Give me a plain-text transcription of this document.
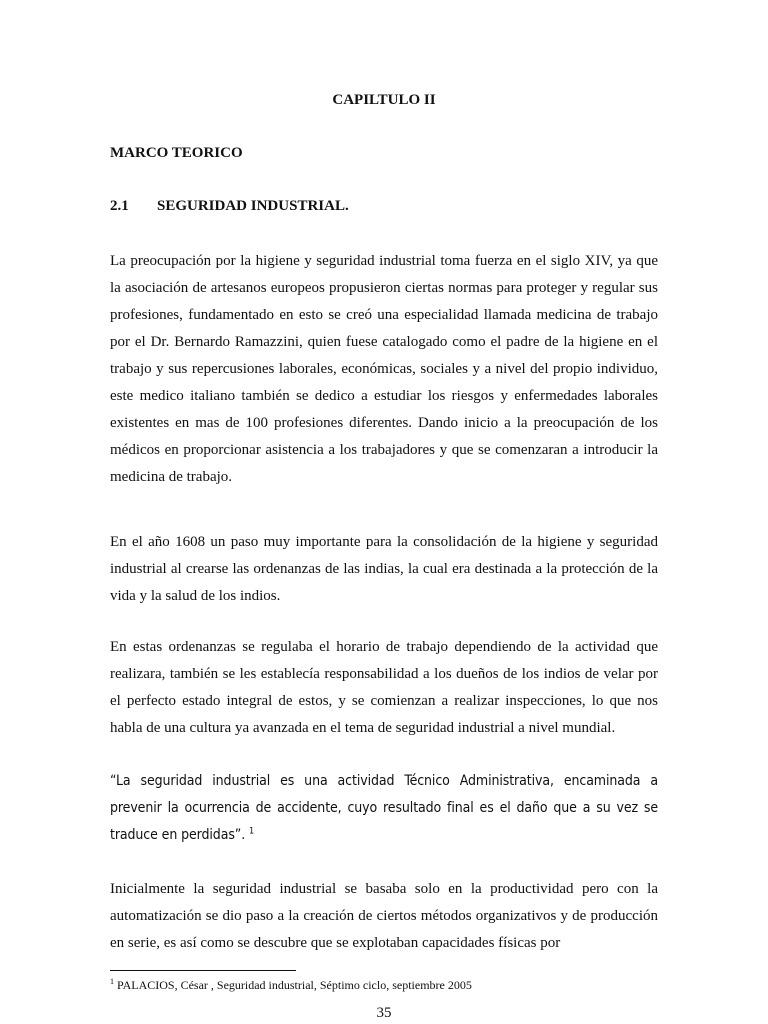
CAPILTULO II
MARCO TEORICO
2.1 SEGURIDAD INDUSTRIAL.

La preocupación por la higiene y seguridad industrial toma fuerza en el siglo XIV, ya que la asociación de artesanos europeos propusieron ciertas normas para proteger y regular sus profesiones, fundamentado en esto se creó una especialidad llamada medicina de trabajo por el Dr. Bernardo Ramazzini, quien fuese catalogado como el padre de la higiene en el trabajo y sus repercusiones laborales, económicas, sociales y a nivel del propio individuo, este medico italiano también se dedico a estudiar los riesgos y enfermedades laborales existentes en mas de 100 profesiones diferentes. Dando inicio a la preocupación de los médicos en proporcionar asistencia a los trabajadores y que se comenzaran a introducir la medicina de trabajo.

En el año 1608 un paso muy importante para la consolidación de la higiene y seguridad industrial al crearse las ordenanzas de las indias, la cual era destinada a la protección de la vida y la salud de los indios.

En estas ordenanzas se regulaba el horario de trabajo dependiendo de la actividad que realizara, también se les establecía responsabilidad a los dueños de los indios de velar por el perfecto estado integral de estos, y se comienzan a realizar inspecciones, lo que nos habla de una cultura ya avanzada en el tema de seguridad industrial a nivel mundial.

“La seguridad industrial es una actividad Técnico Administrativa, encaminada a prevenir la ocurrencia de accidente, cuyo resultado final es el daño que a su vez se traduce en perdidas”. $^1$

Inicialmente la seguridad industrial se basaba solo en la productividad pero con la automatización se dio paso a la creación de ciertos métodos organizativos y de producción en serie, es así como se descubre que se explotaban capacidades físicas por

$^1$ PALACIOS, César , Seguridad industrial, Séptimo ciclo, septiembre 2005

35
